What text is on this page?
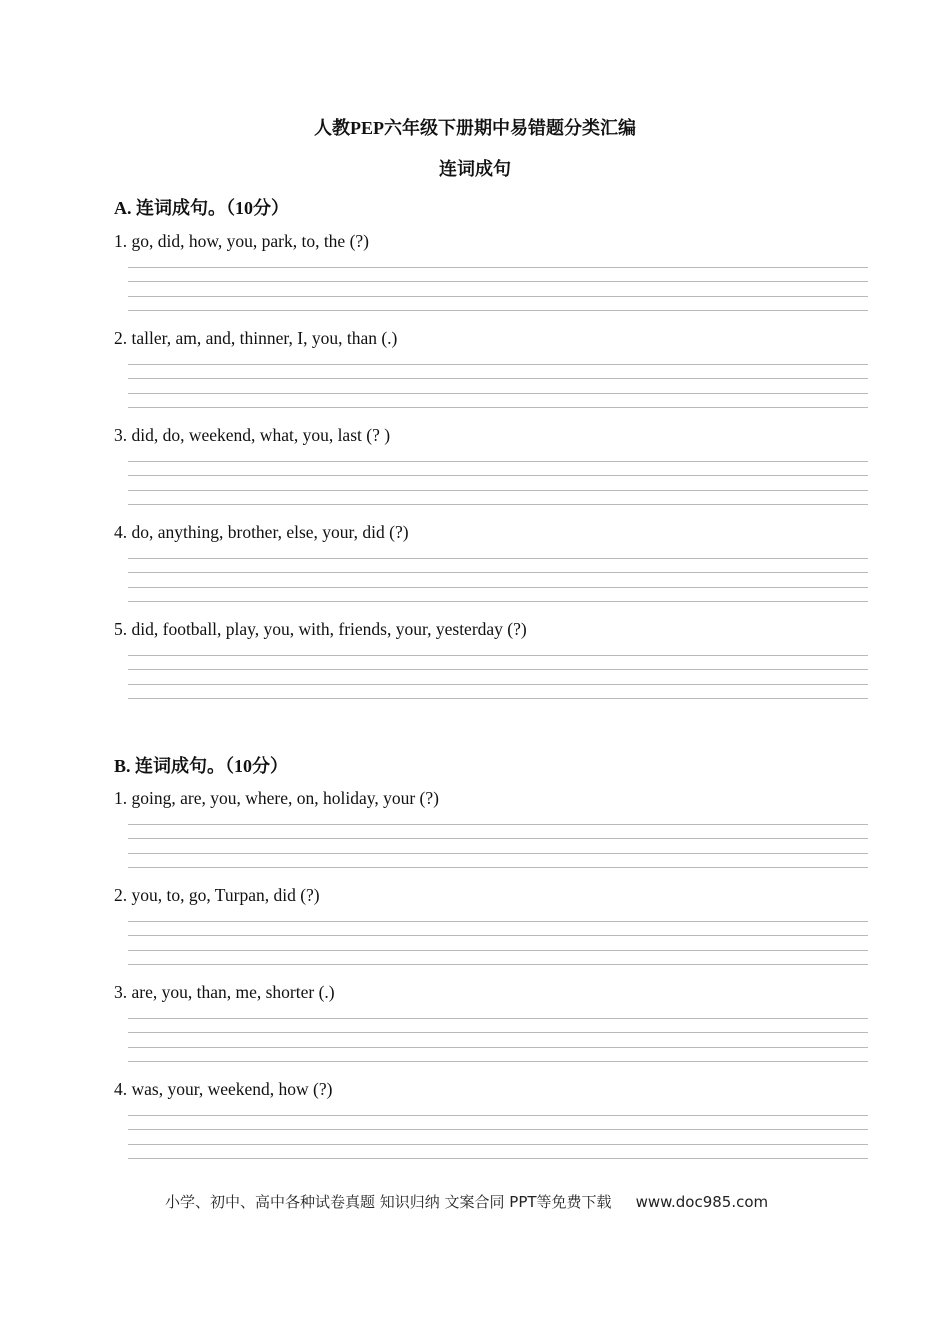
人教PEP六年级下册期中易错题分类汇编
连词成句
A. 连词成句。（10分）
1. go, did, how, you, park, to, the (?)
2. taller, am, and, thinner, I, you, than (.)
3. did, do, weekend, what, you, last (? )
4. do, anything, brother, else, your, did (?)
5. did, football, play, you, with, friends, your, yesterday (?)
B. 连词成句。（10分）
1. going, are, you, where, on, holiday, your (?)
2. you, to, go, Turpan, did (?)
3. are, you, than, me, shorter (.)
4. was, your, weekend, how (?)
小学、初中、高中各种试卷真题 知识归纳 文案合同 PPT等免费下载 www.doc985.com
